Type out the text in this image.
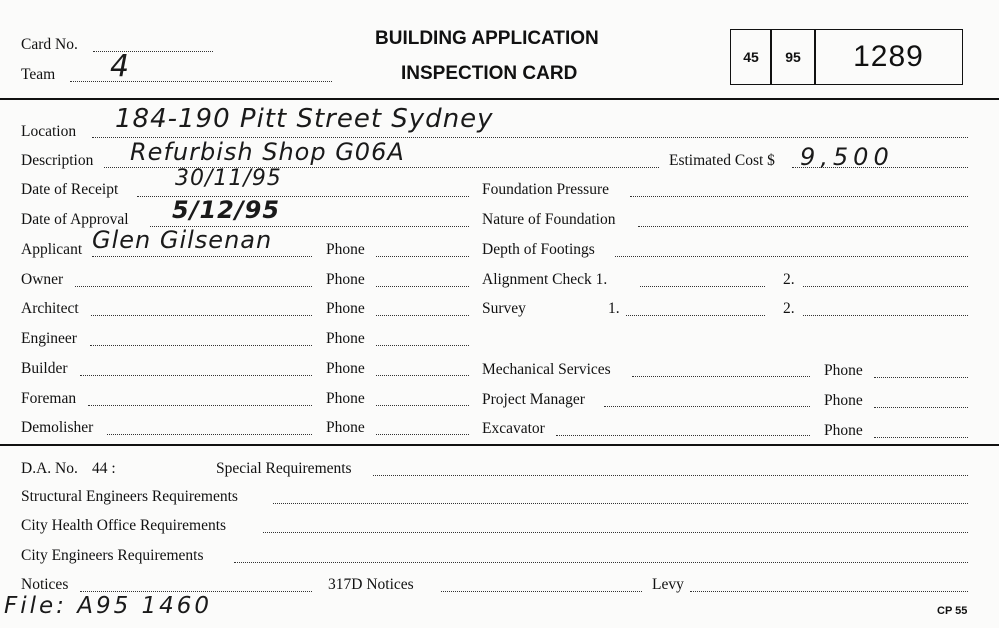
Card No.
Team 4
BUILDING APPLICATION
INSPECTION CARD
45	95	1289
Location 184-190 Pitt Street Sydney
Description Refurbish Shop G06A	Estimated Cost $ 9,500
Date of Receipt	30/11/95
Date of Approval 5/12/95
Applicant Glen Gilsenan	Phone
Owner	Phone
Architect	Phone
Engineer	Phone
Builder	Phone
Foreman	Phone
Demolisher	Phone
Foundation Pressure
Nature of Foundation
Depth of Footings
Alignment Check 1.	2.
Survey	1.	2.
Mechanical Services	Phone
Project Manager	Phone
Excavator	Phone
D.A. No. 44 :	Special Requirements
Structural Engineers Requirements
City Health Office Requirements
City Engineers Requirements
Notices	317D Notices	Levy
File: A95 1460	CP 55
